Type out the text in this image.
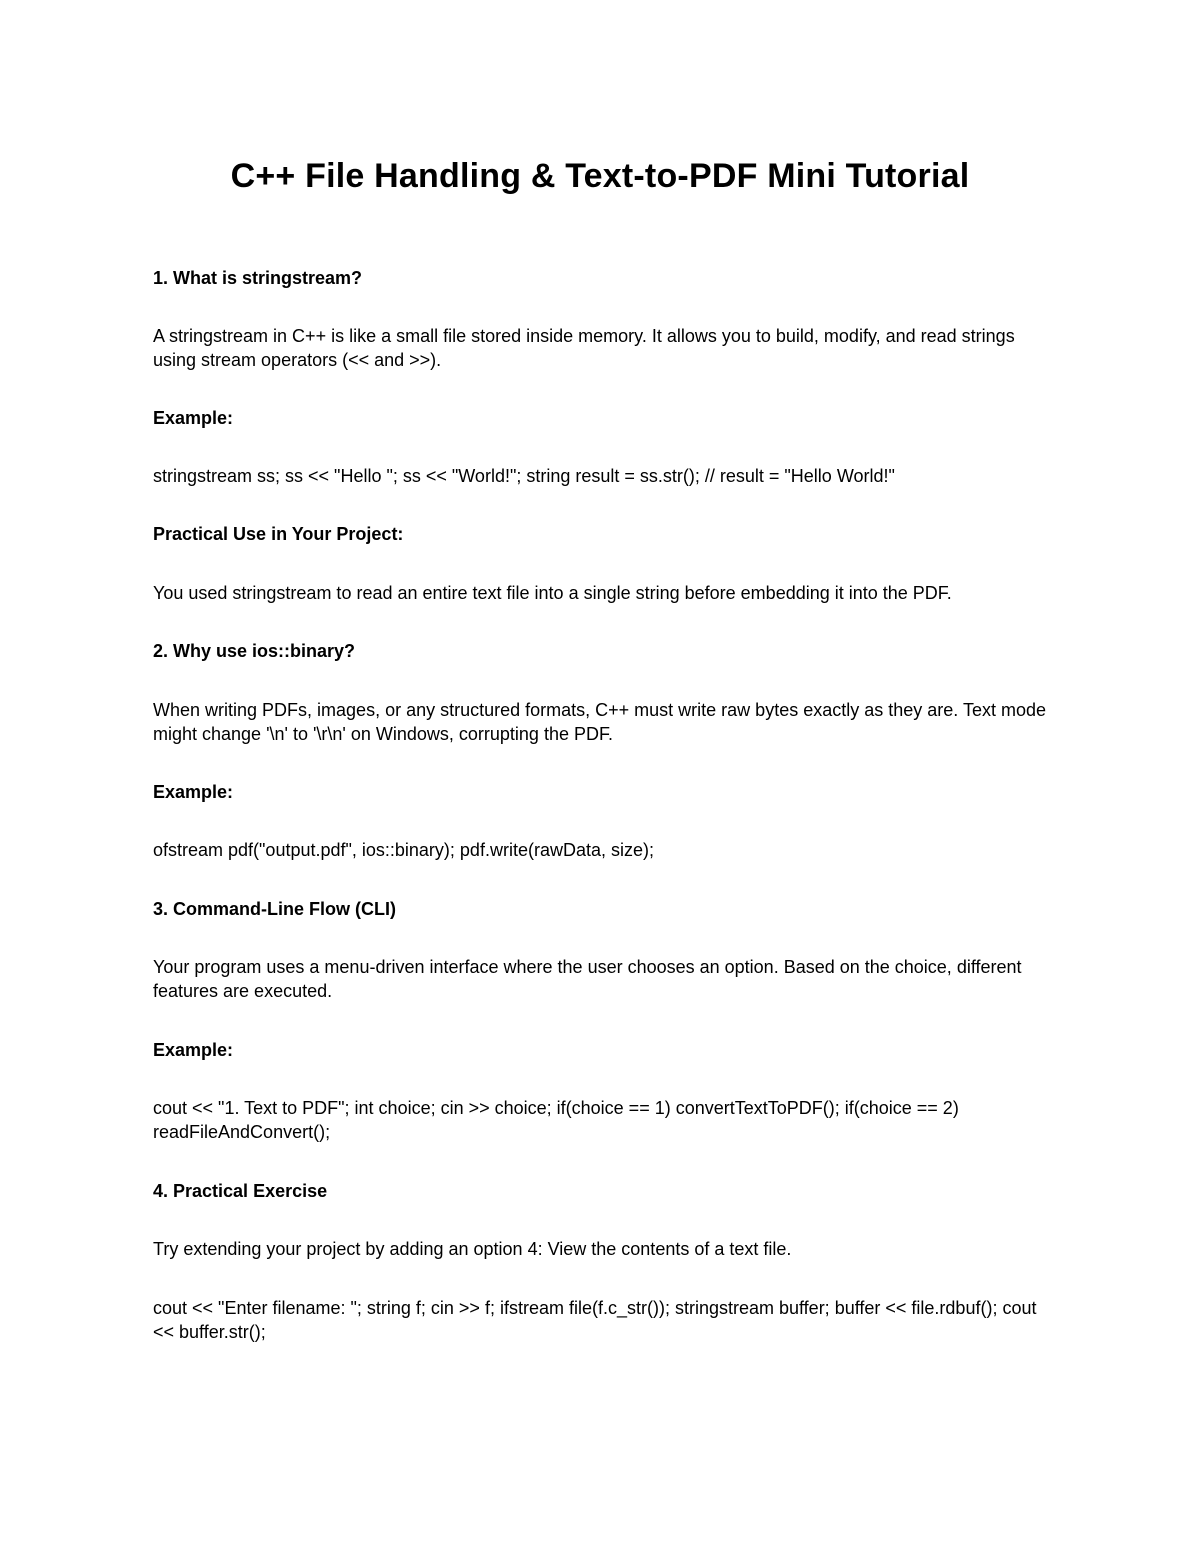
C++ File Handling & Text-to-PDF Mini Tutorial

1. What is stringstream?

A stringstream in C++ is like a small file stored inside memory. It allows you to build, modify, and read strings using stream operators (<< and >>).

Example:

stringstream ss; ss << "Hello "; ss << "World!"; string result = ss.str(); // result = "Hello World!"

Practical Use in Your Project:

You used stringstream to read an entire text file into a single string before embedding it into the PDF.

2. Why use ios::binary?

When writing PDFs, images, or any structured formats, C++ must write raw bytes exactly as they are. Text mode might change '\n' to '\r\n' on Windows, corrupting the PDF.

Example:

ofstream pdf("output.pdf", ios::binary); pdf.write(rawData, size);

3. Command-Line Flow (CLI)

Your program uses a menu-driven interface where the user chooses an option. Based on the choice, different features are executed.

Example:

cout << "1. Text to PDF"; int choice; cin >> choice; if(choice == 1) convertTextToPDF(); if(choice == 2) readFileAndConvert();

4. Practical Exercise

Try extending your project by adding an option 4: View the contents of a text file.

cout << "Enter filename: "; string f; cin >> f; ifstream file(f.c_str()); stringstream buffer; buffer << file.rdbuf(); cout << buffer.str();
